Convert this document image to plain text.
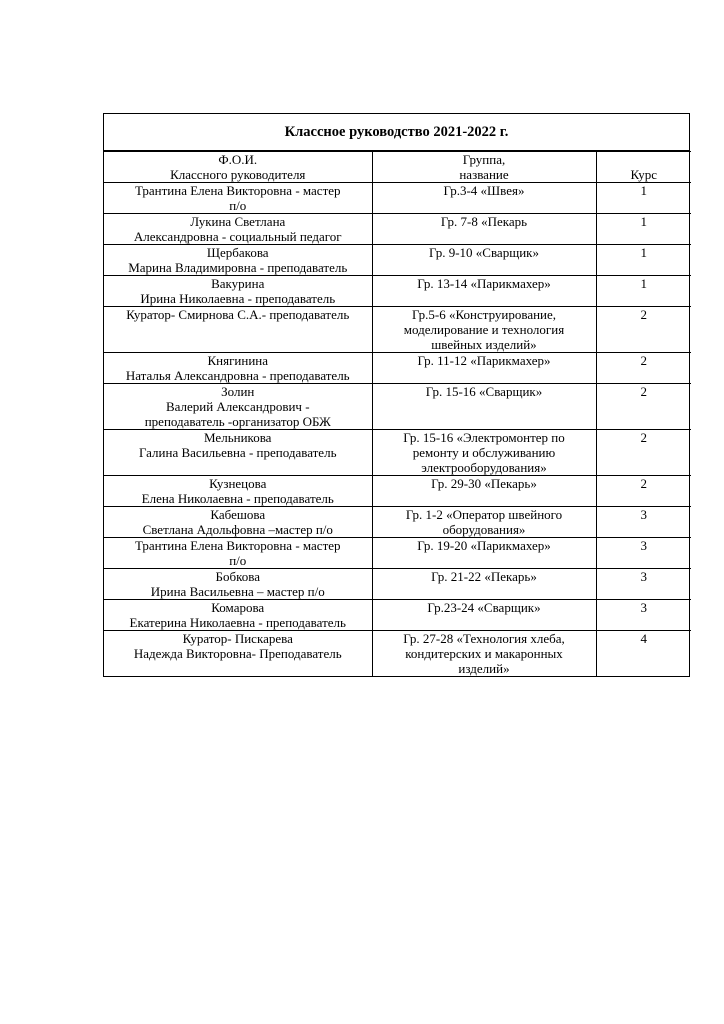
Классное руководство 2021-2022 г.
Ф.О.И.
Классного руководителя	Группа,
название	Курс

Трантина Елена Викторовна - мастер
п/о	Гр.3-4 «Швея»	1

Лукина Светлана
Александровна - социальный педагог	Гр. 7-8 «Пекарь	1

Щербакова
Марина Владимировна - преподаватель	Гр. 9-10 «Сварщик»	1

Вакурина
Ирина Николаевна - преподаватель	Гр. 13-14 «Парикмахер»	1

Куратор- Смирнова С.А.- преподаватель	Гр.5-6 «Конструирование,
моделирование и технология
швейных изделий»	2

Княгинина
Наталья Александровна - преподаватель	Гр. 11-12 «Парикмахер»	2

Золин
Валерий Александрович -
преподаватель -организатор ОБЖ	Гр. 15-16 «Сварщик»	2

Мельникова
Галина Васильевна - преподаватель	Гр. 15-16 «Электромонтер по
ремонту и обслуживанию
электрооборудования»	2

Кузнецова
Елена Николаевна - преподаватель	Гр. 29-30 «Пекарь»	2

Кабешова
Светлана Адольфовна –мастер п/о	Гр. 1-2 «Оператор швейного
оборудования»	3

Трантина Елена Викторовна - мастер
п/о	Гр. 19-20 «Парикмахер»	3

Бобкова
Ирина Васильевна – мастер п/о	Гр. 21-22 «Пекарь»	3

Комарова
Екатерина Николаевна - преподаватель	Гр.23-24 «Сварщик»	3

Куратор- Пискарева
Надежда Викторовна- Преподаватель	Гр. 27-28 «Технология хлеба,
кондитерских и макаронных
изделий»	4
